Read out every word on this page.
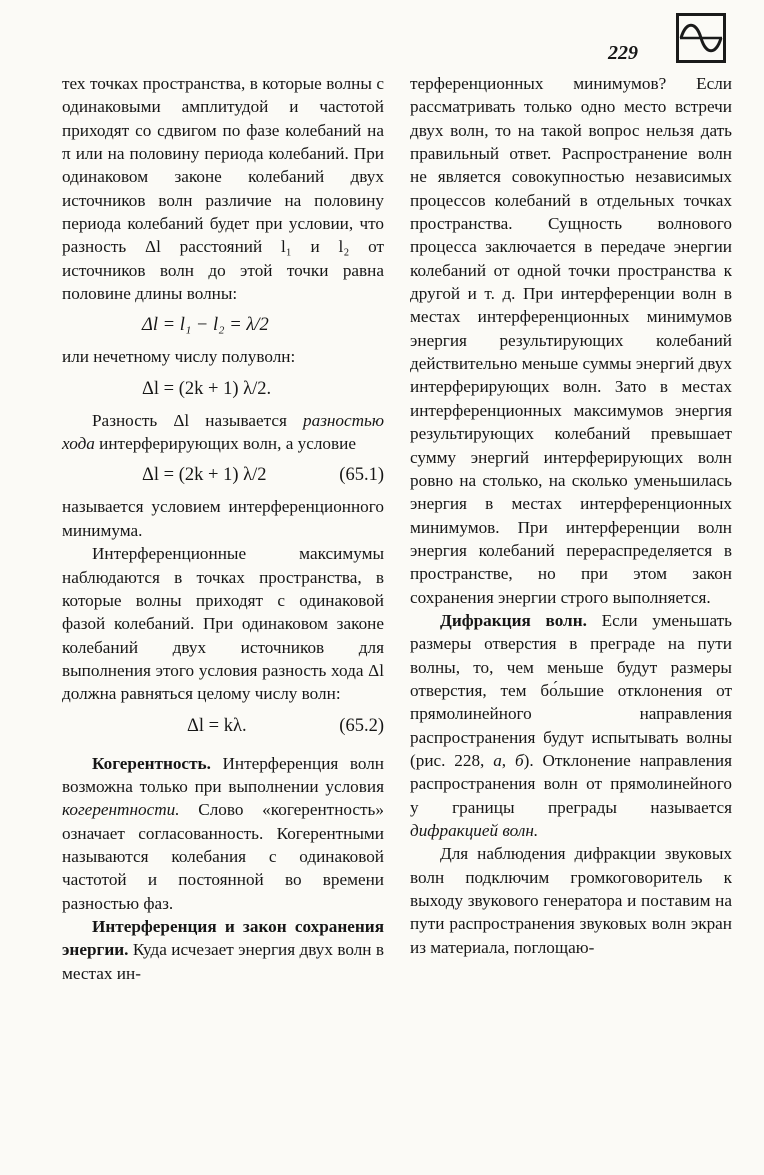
229

тех точках пространства, в которые волны с одинаковыми амплитудой и частотой приходят со сдвигом по фазе колебаний на π или на половину периода колебаний. При одинаковом законе колебаний двух источников волн различие на половину периода колебаний будет при условии, что разность Δl расстояний l₁ и l₂ от источников волн до этой точки равна половине длины волны:

Δl = l₁ − l₂ = λ/2

или нечетному числу полуволн:

Δl = (2k + 1) λ/2.

Разность Δl называется разностью хода интерферирующих волн, а условие

Δl = (2k + 1) λ/2	(65.1)

называется условием интерференционного минимума.

Интерференционные максимумы наблюдаются в точках пространства, в которые волны приходят с одинаковой фазой колебаний. При одинаковом законе колебаний двух источников для выполнения этого условия разность хода Δl должна равняться целому числу волн:

Δl = kλ.	(65.2)

Когерентность. Интерференция волн возможна только при выполнении условия когерентности. Слово «когерентность» означает согласованность. Когерентными называются колебания с одинаковой частотой и постоянной во времени разностью фаз.

Интерференция и закон сохранения энергии. Куда исчезает энергия двух волн в местах ин-

терференционных минимумов? Если рассматривать только одно место встречи двух волн, то на такой вопрос нельзя дать правильный ответ. Распространение волн не является совокупностью независимых процессов колебаний в отдельных точках пространства. Сущность волнового процесса заключается в передаче энергии колебаний от одной точки пространства к другой и т. д. При интерференции волн в местах интерференционных минимумов энергия результирующих колебаний действительно меньше суммы энергий двух интерферирующих волн. Зато в местах интерференционных максимумов энергия результирующих колебаний превышает сумму энергий интерферирующих волн ровно на столько, на сколько уменьшилась энергия в местах интерференционных минимумов. При интерференции волн энергия колебаний перераспределяется в пространстве, но при этом закон сохранения энергии строго выполняется.

Дифракция волн. Если уменьшать размеры отверстия в преграде на пути волны, то, чем меньше будут размеры отверстия, тем бо́льшие отклонения от прямолинейного направления распространения будут испытывать волны (рис. 228, а, б). Отклонение направления распространения волн от прямолинейного у границы преграды называется дифракцией волн.

Для наблюдения дифракции звуковых волн подключим громкоговоритель к выходу звукового генератора и поставим на пути распространения звуковых волн экран из материала, поглощаю-
